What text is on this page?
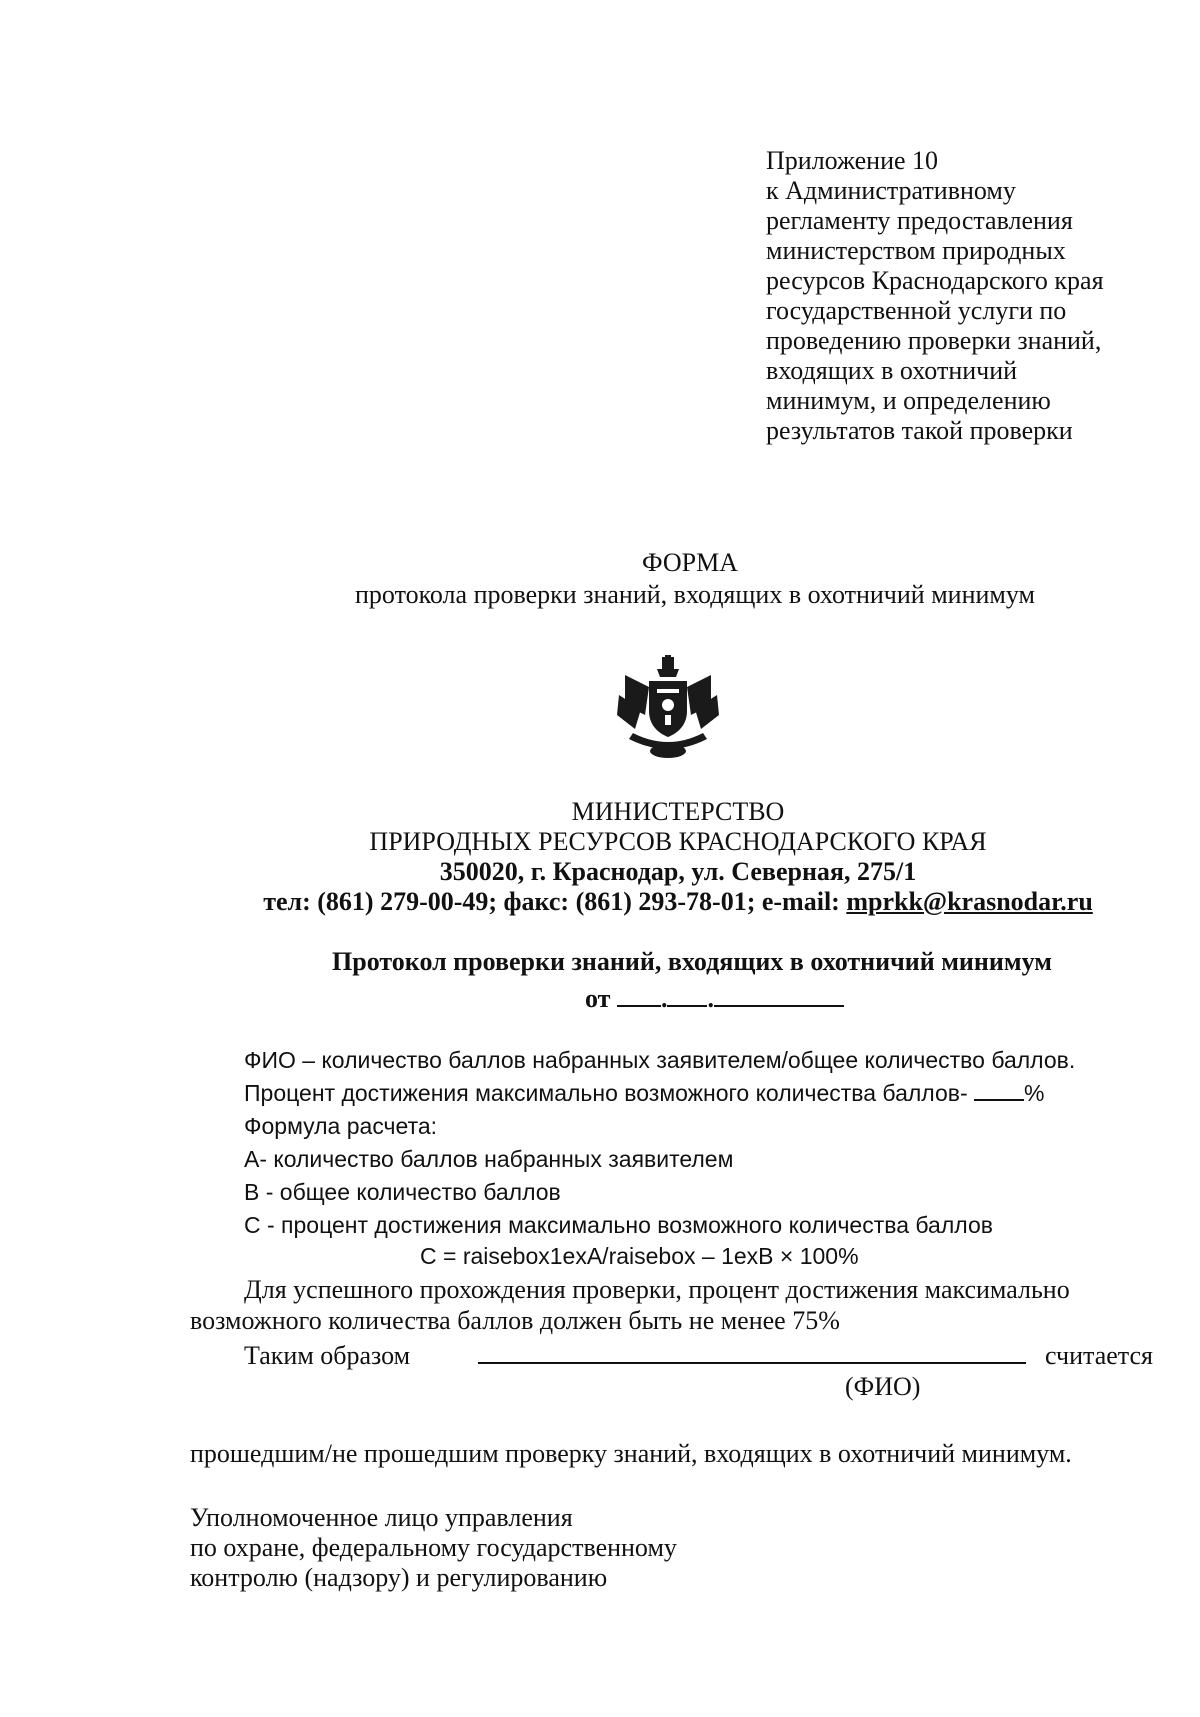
Приложение 10
к Административному
регламенту предоставления
министерством природных
ресурсов Краснодарского края
государственной услуги по
проведению проверки знаний,
входящих в охотничий
минимум, и определению
результатов такой проверки
ФОРМА
протокола проверки знаний, входящих в охотничий минимум
МИНИСТЕРСТВО
ПРИРОДНЫХ РЕСУРСОВ КРАСНОДАРСКОГО КРАЯ
350020, г. Краснодар, ул. Северная, 275/1
тел: (861) 279-00-49; факс: (861) 293-78-01; e-mail: mprkk@krasnodar.ru
Протокол проверки знаний, входящих в охотничий минимум
от . .
ФИО – количество баллов набранных заявителем/общее количество баллов.
Процент достижения максимально возможного количества баллов- %
Формула расчета:
А- количество баллов набранных заявителем
В - общее количество баллов
С - процент достижения максимально возможного количества баллов
С = raisebox1exA/raisebox – 1exB × 100%
Для успешного прохождения проверки, процент достижения максимально
возможного количества баллов должен быть не менее 75%
Таким образом	считается
(ФИО)
прошедшим/не прошедшим проверку знаний, входящих в охотничий минимум.
Уполномоченное лицо управления
по охране, федеральному государственному
контролю (надзору) и регулированию
